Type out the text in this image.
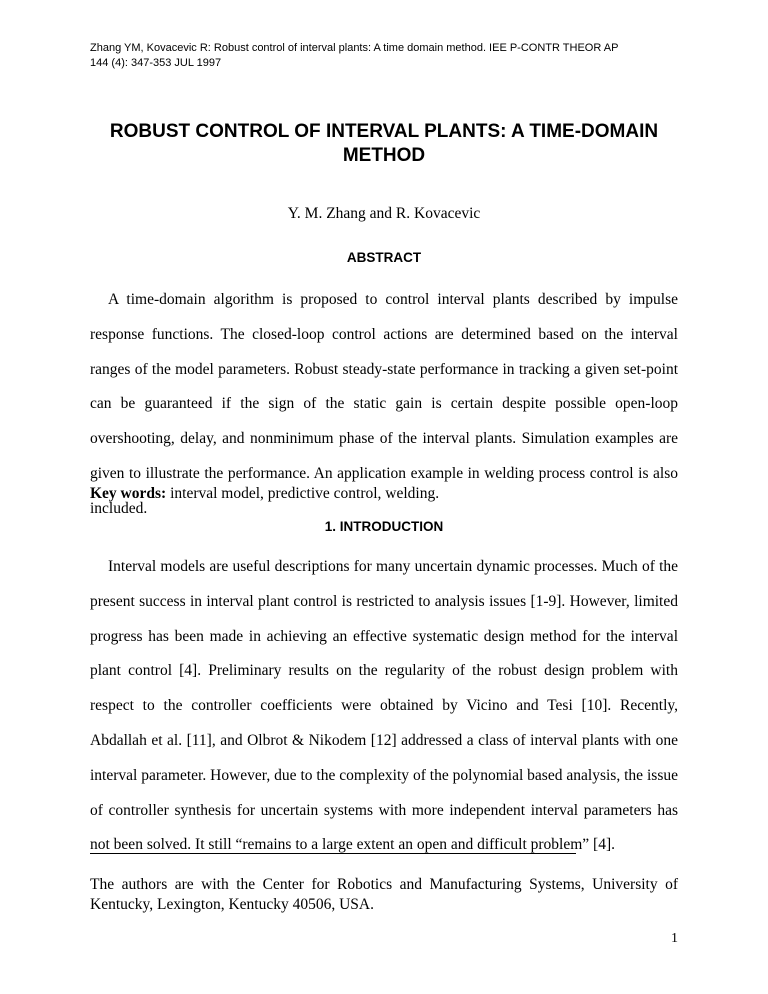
Zhang YM, Kovacevic R: Robust control of interval plants: A time domain method. IEE P-CONTR THEOR AP
144 (4): 347-353 JUL 1997
ROBUST CONTROL OF INTERVAL PLANTS: A TIME-DOMAIN
METHOD
Y. M. Zhang and R. Kovacevic
ABSTRACT

A time-domain algorithm is proposed to control interval plants described by impulse response functions. The closed-loop control actions are determined based on the interval ranges of the model parameters. Robust steady-state performance in tracking a given set-point can be guaranteed if the sign of the static gain is certain despite possible open-loop overshooting, delay, and nonminimum phase of the interval plants. Simulation examples are given to illustrate the performance. An application example in welding process control is also included.

Key words: interval model, predictive control, welding.
1. INTRODUCTION

Interval models are useful descriptions for many uncertain dynamic processes. Much of the present success in interval plant control is restricted to analysis issues [1-9]. However, limited progress has been made in achieving an effective systematic design method for the interval plant control [4]. Preliminary results on the regularity of the robust design problem with respect to the controller coefficients were obtained by Vicino and Tesi [10]. Recently, Abdallah et al. [11], and Olbrot & Nikodem [12] addressed a class of interval plants with one interval parameter. However, due to the complexity of the polynomial based analysis, the issue of controller synthesis for uncertain systems with more independent interval parameters has not been solved. It still “remains to a large extent an open and difficult problem” [4].

The authors are with the Center for Robotics and Manufacturing Systems, University of Kentucky, Lexington, Kentucky 40506, USA.
1
